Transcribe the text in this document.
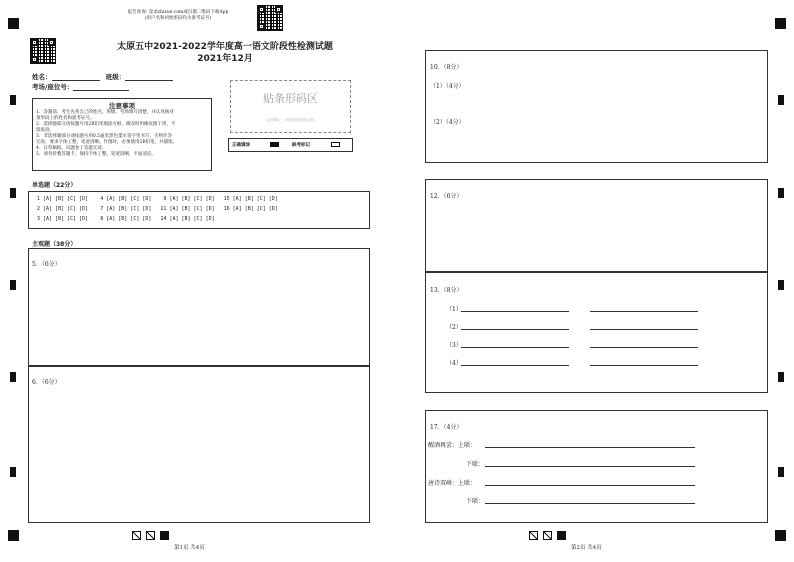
报告查询: 登录zhixue.com或扫描二维码下载App
(用户名和初始密码均为准考证号)
太原五中2021-2022学年度高一语文阶段性检测试题
2021年12月
姓名：	班级：
考场/座位号：
注意事项
1．答题前，考生先将自己的姓名、班级、考场填写清楚，并认真核对
条形码上的姓名和准考证号。
2．选择题部分请按题号用2B铅笔填涂方框，修改时用橡皮擦干净，不
留痕迹。
3．非选择题部分请按题号用0.5毫米黑色墨水签字笔书写，否则作答
无效。要求字体工整、笔迹清晰。作图时，必须使用2B铅笔，并描浓。
4．在草稿纸、试题卷上答题无效。
5．请勿折叠答题卡。保持字体工整、笔迹清晰、卡面清洁。
贴条形码区
(正面朝上，切勿贴出虚线方框)
正确填涂	缺考标记
单选题（22分）
1 [A] [B] [C] [D]    4 [A] [B] [C] [D]    9 [A] [B] [C] [D]   15 [A] [B] [C] [D]
2 [A] [B] [C] [D]    7 [A] [B] [C] [D]   11 [A] [B] [C] [D]   16 [A] [B] [C] [D]
3 [A] [B] [C] [D]    8 [A] [B] [C] [D]   14 [A] [B] [C] [D]
主观题（38分）
5．（6分）
6．（6分）
第1页 共4页
10．（8分）
（1）（4分）
（2）（4分）
12．（6分）
13．（8分）
（1）
（2）
（3）
（4）
17．（4分）
醒酒再尝：上联：
下联：
唐诗双峰：上联：
下联：
第2页 共4页
